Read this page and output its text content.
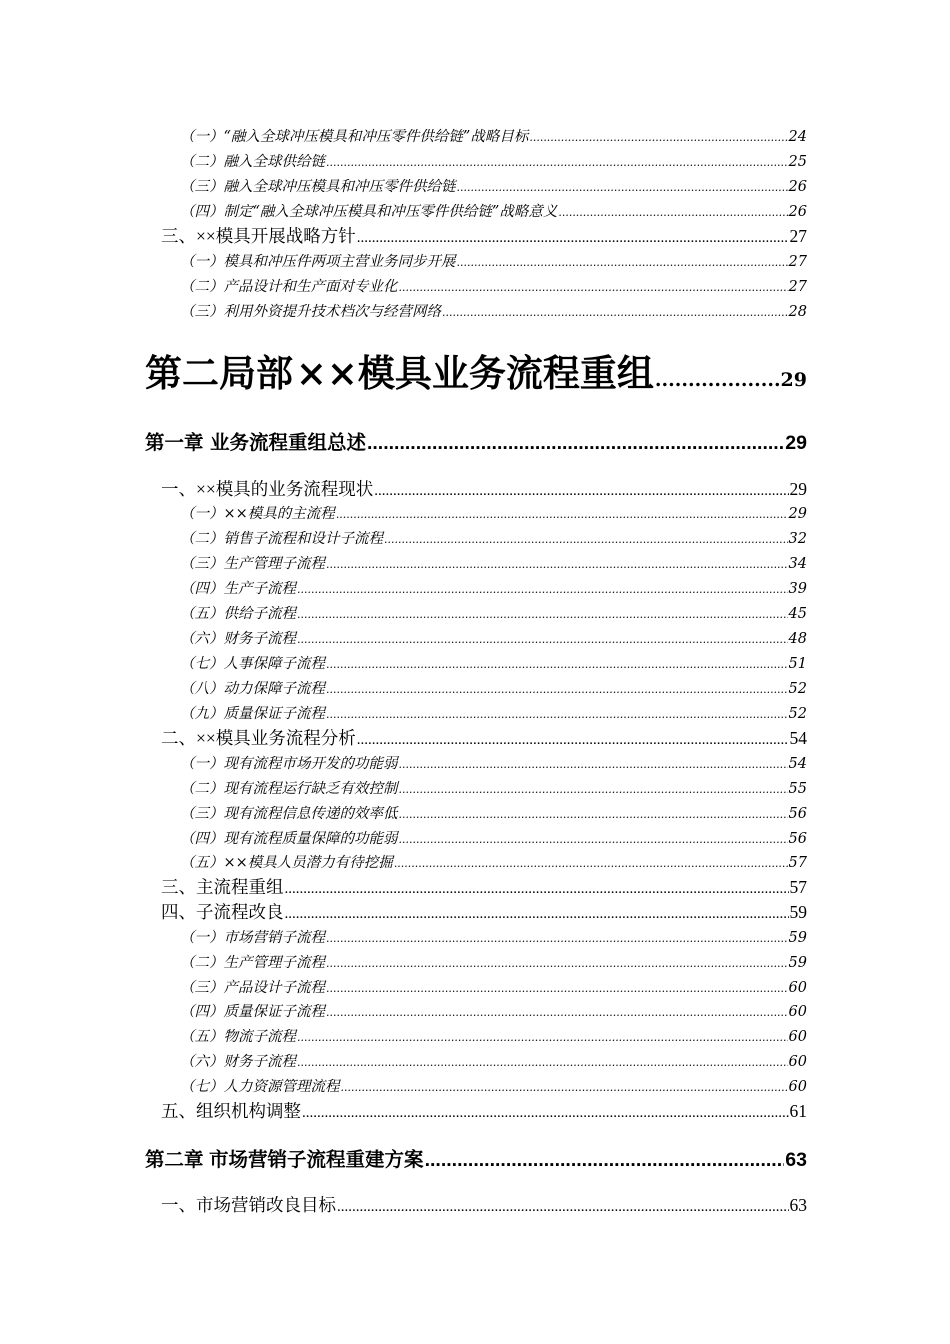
（一）“融入全球冲压模具和冲压零件供给链”战略目标 .....	24
（二）融入全球供给链 .....	25
（三）融入全球冲压模具和冲压零件供给链 .....	26
（四）制定“融入全球冲压模具和冲压零件供给链”战略意义 .....	26
三、××模具开展战略方针 .....	27
（一）模具和冲压件两项主营业务同步开展 .....	27
（二）产品设计和生产面对专业化 .....	27
（三）利用外资提升技术档次与经营网络 .....	28
第二局部 ××模具业务流程重组 .....	29
第一章 业务流程重组总述 .....	29
一、××模具的业务流程现状 .....	29
（一）××模具的主流程 .....	29
（二）销售子流程和设计子流程 .....	32
（三）生产管理子流程 .....	34
（四）生产子流程 .....	39
（五）供给子流程 .....	45
（六）财务子流程 .....	48
（七）人事保障子流程 .....	51
（八）动力保障子流程 .....	52
（九）质量保证子流程 .....	52
二、××模具业务流程分析 .....	54
（一）现有流程市场开发的功能弱 .....	54
（二）现有流程运行缺乏有效控制 .....	55
（三）现有流程信息传递的效率低 .....	56
（四）现有流程质量保障的功能弱 .....	56
（五）××模具人员潜力有待挖掘 .....	57
三、主流程重组 .....	57
四、子流程改良 .....	59
（一）市场营销子流程 .....	59
（二）生产管理子流程 .....	59
（三）产品设计子流程 .....	60
（四）质量保证子流程 .....	60
（五）物流子流程 .....	60
（六）财务子流程 .....	60
（七）人力资源管理流程 .....	60
五、组织机构调整 .....	61
第二章 市场营销子流程重建方案 .....	63
一、市场营销改良目标 .....	63
